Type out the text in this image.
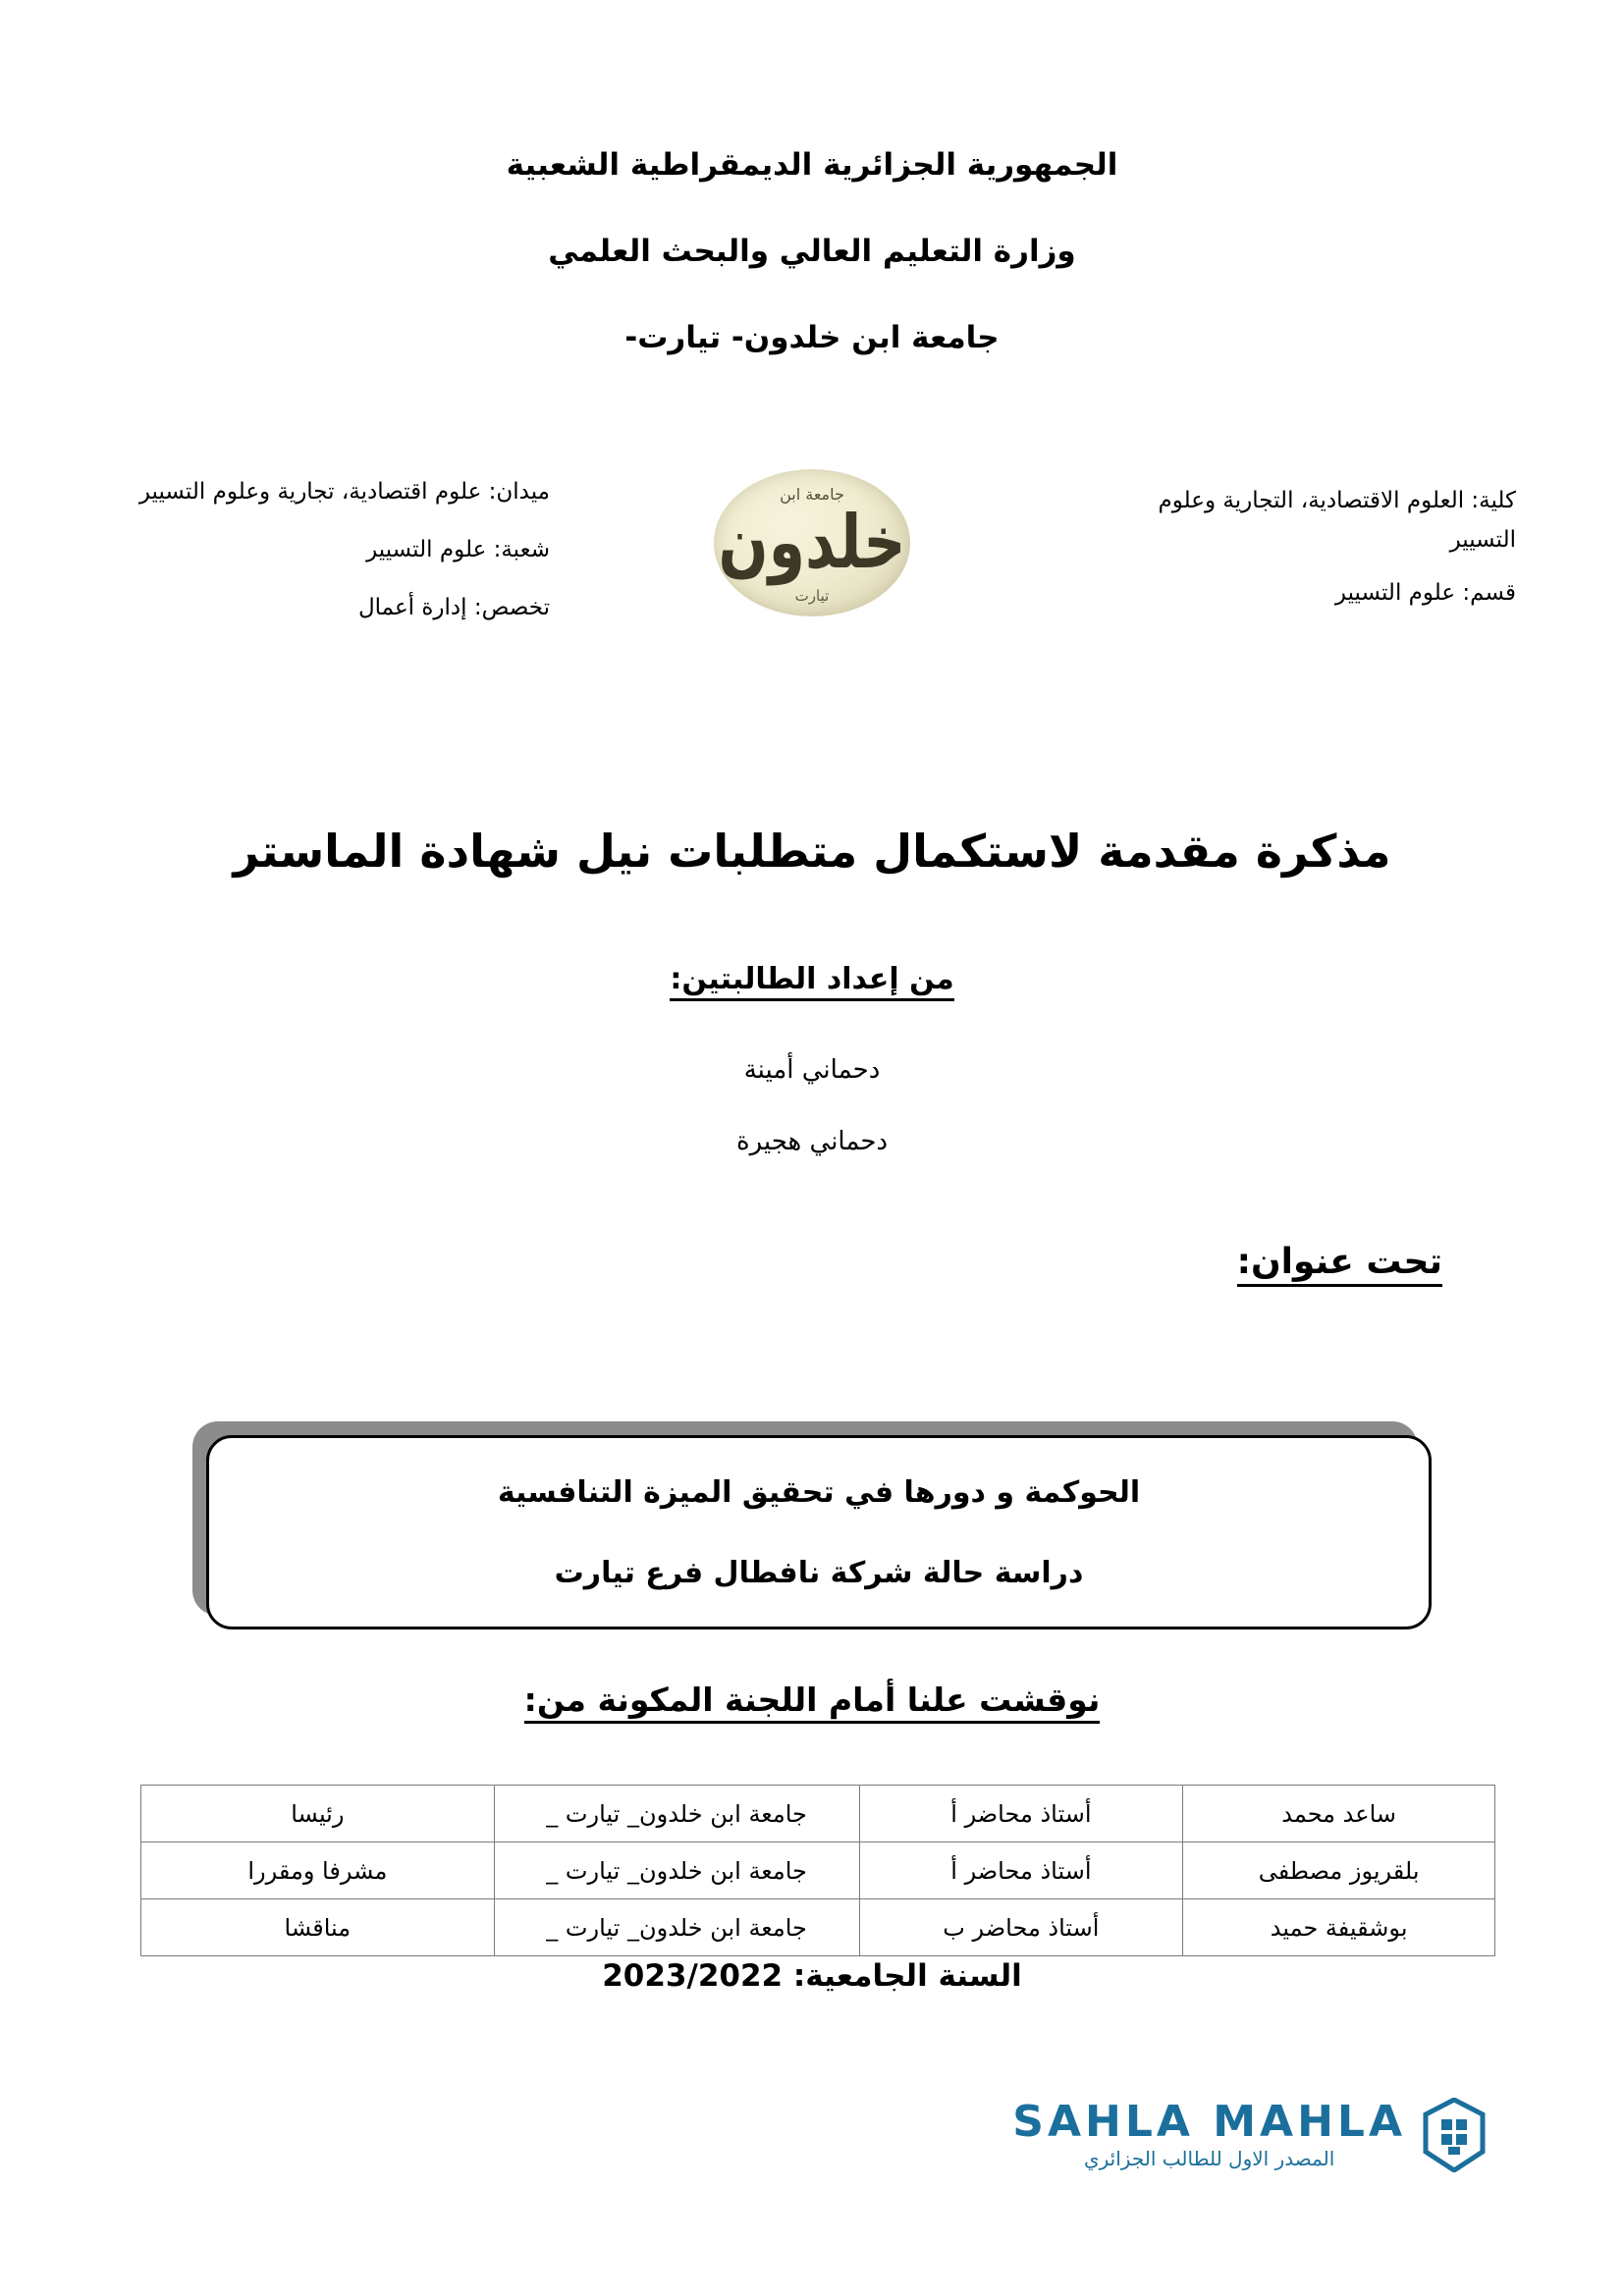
الجمهورية الجزائرية الديمقراطية الشعبية
وزارة التعليم العالي والبحث العلمي
جامعة ابن خلدون- تيارت-
كلية: العلوم الاقتصادية، التجارية وعلوم التسيير
قسم: علوم التسيير
جامعة ابن
خلدون
تيارت
ميدان: علوم اقتصادية، تجارية وعلوم التسيير
شعبة: علوم التسيير
تخصص: إدارة أعمال
مذكرة مقدمة لاستكمال متطلبات نيل شهادة الماستر
من إعداد الطالبتين:
دحماني أمينة
دحماني هجيرة
تحت عنوان:
الحوكمة و دورها في تحقيق الميزة التنافسية
دراسة حالة شركة نافطال فرع تيارت
نوقشت علنا أمام اللجنة المكونة من:
ساعد محمد	أستاذ محاضر أ	جامعة ابن خلدون_ تيارت _	رئيسا
بلقريوز مصطفى	أستاذ محاضر أ	جامعة ابن خلدون_ تيارت _	مشرفا ومقررا
بوشقيفة حميد	أستاذ محاضر ب	جامعة ابن خلدون_ تيارت _	مناقشا
السنة الجامعية: 2023/2022
SAHLA MAHLA
المصدر الاول للطالب الجزائري
